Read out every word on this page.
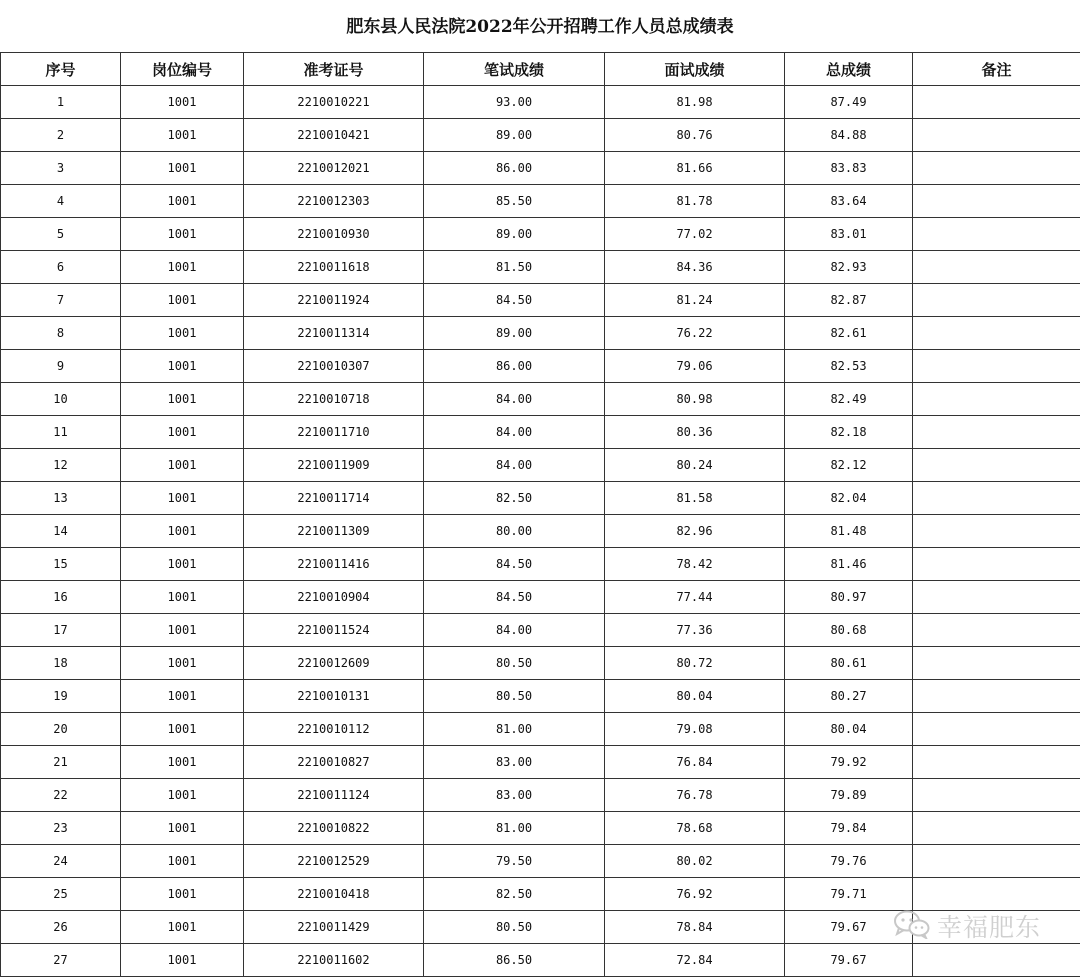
肥东县人民法院2022年公开招聘工作人员总成绩表
序号	岗位编号	准考证号	笔试成绩	面试成绩	总成绩	备注
1	1001	2210010221	93.00	81.98	87.49	
2	1001	2210010421	89.00	80.76	84.88	
3	1001	2210012021	86.00	81.66	83.83	
4	1001	2210012303	85.50	81.78	83.64	
5	1001	2210010930	89.00	77.02	83.01	
6	1001	2210011618	81.50	84.36	82.93	
7	1001	2210011924	84.50	81.24	82.87	
8	1001	2210011314	89.00	76.22	82.61	
9	1001	2210010307	86.00	79.06	82.53	
10	1001	2210010718	84.00	80.98	82.49	
11	1001	2210011710	84.00	80.36	82.18	
12	1001	2210011909	84.00	80.24	82.12	
13	1001	2210011714	82.50	81.58	82.04	
14	1001	2210011309	80.00	82.96	81.48	
15	1001	2210011416	84.50	78.42	81.46	
16	1001	2210010904	84.50	77.44	80.97	
17	1001	2210011524	84.00	77.36	80.68	
18	1001	2210012609	80.50	80.72	80.61	
19	1001	2210010131	80.50	80.04	80.27	
20	1001	2210010112	81.00	79.08	80.04	
21	1001	2210010827	83.00	76.84	79.92	
22	1001	2210011124	83.00	76.78	79.89	
23	1001	2210010822	81.00	78.68	79.84	
24	1001	2210012529	79.50	80.02	79.76	
25	1001	2210010418	82.50	76.92	79.71	
26	1001	2210011429	80.50	78.84	79.67	
27	1001	2210011602	86.50	72.84	79.67	
幸福肥东
